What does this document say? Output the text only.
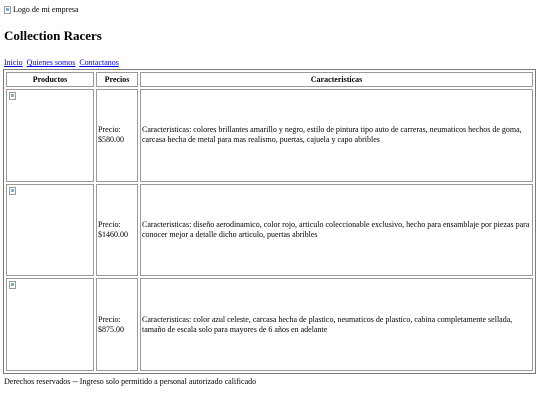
Logo de mi empresa
Collection Racers
Inicio Quienes somos Contactanos
Productos	Precios	Caracteristicas
	Precio: $580.00	Caracteristicas: colores brillantes amarillo y negro, estilo de pintura tipo auto de carreras, neumaticos hechos de goma, carcasa hecha de metal para mas realismo, puertas, cajuela y capo abribles
	Precio: $1460.00	Caracteristicas: diseño aerodinamico, color rojo, articulo coleccionable exclusivo, hecho para ensamblaje por piezas para conocer mejor a detalle dicho articulo, puertas abribles
	Precio: $875.00	Caracteristicas: color azul celeste, carcasa hecha de plastico, neumaticos de plastico, cabina completamente sellada, tamaño de escala solo para mayores de 6 años en adelante
Derechos reservados -- Ingreso solo permitido a personal autorizado calificado
